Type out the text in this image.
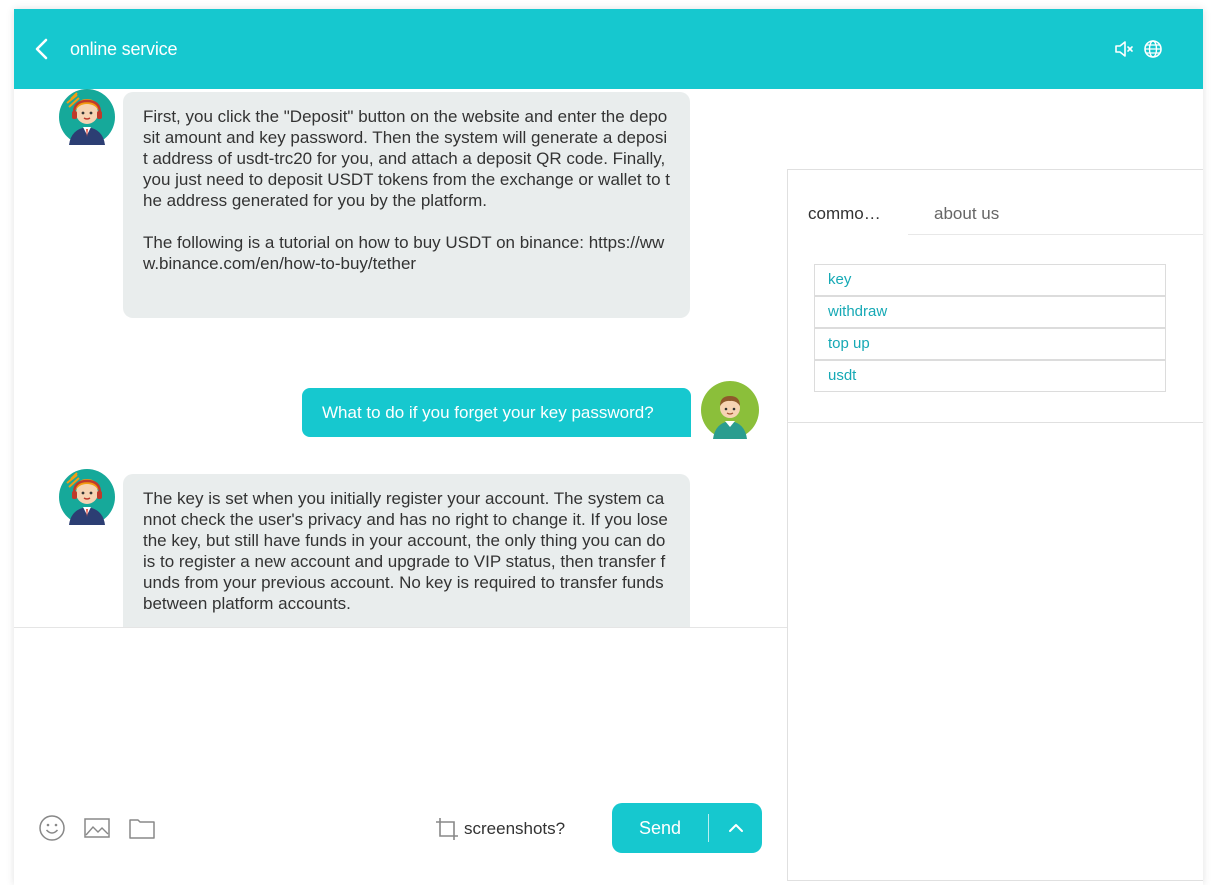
online service

First, you click the "Deposit" button on the website and enter the deposit amount and key password. Then the system will generate a deposit address of usdt-trc20 for you, and attach a deposit QR code. Finally, you just need to deposit USDT tokens from the exchange or wallet to the address generated for you by the platform.

The following is a tutorial on how to buy USDT on binance: https://www.binance.com/en/how-to-buy/tether

What to do if you forget your key password?

The key is set when you initially register your account. The system cannot check the user's privacy and has no right to change it. If you lose the key, but still have funds in your account, the only thing you can do is to register a new account and upgrade to VIP status, then transfer funds from your previous account. No key is required to transfer funds between platform accounts.

screenshots?	Send
commo…	about us
key
withdraw
top up
usdt
